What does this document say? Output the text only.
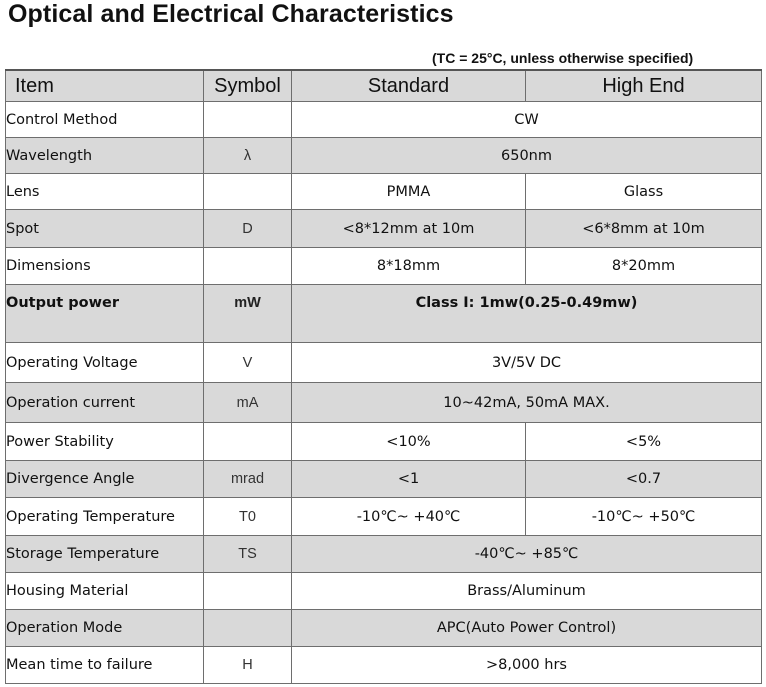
Optical and Electrical Characteristics
(TC = 25°C, unless otherwise specified)
Item	Symbol	Standard	High End
Control Method		CW	
Wavelength	λ	650nm	
Lens		PMMA	Glass
Spot	D	<8*12mm at 10m	<6*8mm at 10m
Dimensions		8*18mm	8*20mm
Output power	mW	Class I: 1mw(0.25-0.49mw)	
Operating Voltage	V	3V/5V DC	
Operation current	mA	10~42mA, 50mA MAX.	
Power Stability		<10%	<5%
Divergence Angle	mrad	<1	<0.7
Operating Temperature	T0	-10℃~ +40℃	-10℃~ +50℃
Storage Temperature	TS	-40℃~ +85℃	
Housing Material		Brass/Aluminum	
Operation Mode		APC(Auto Power Control)	
Mean time to failure	H	>8,000 hrs	
